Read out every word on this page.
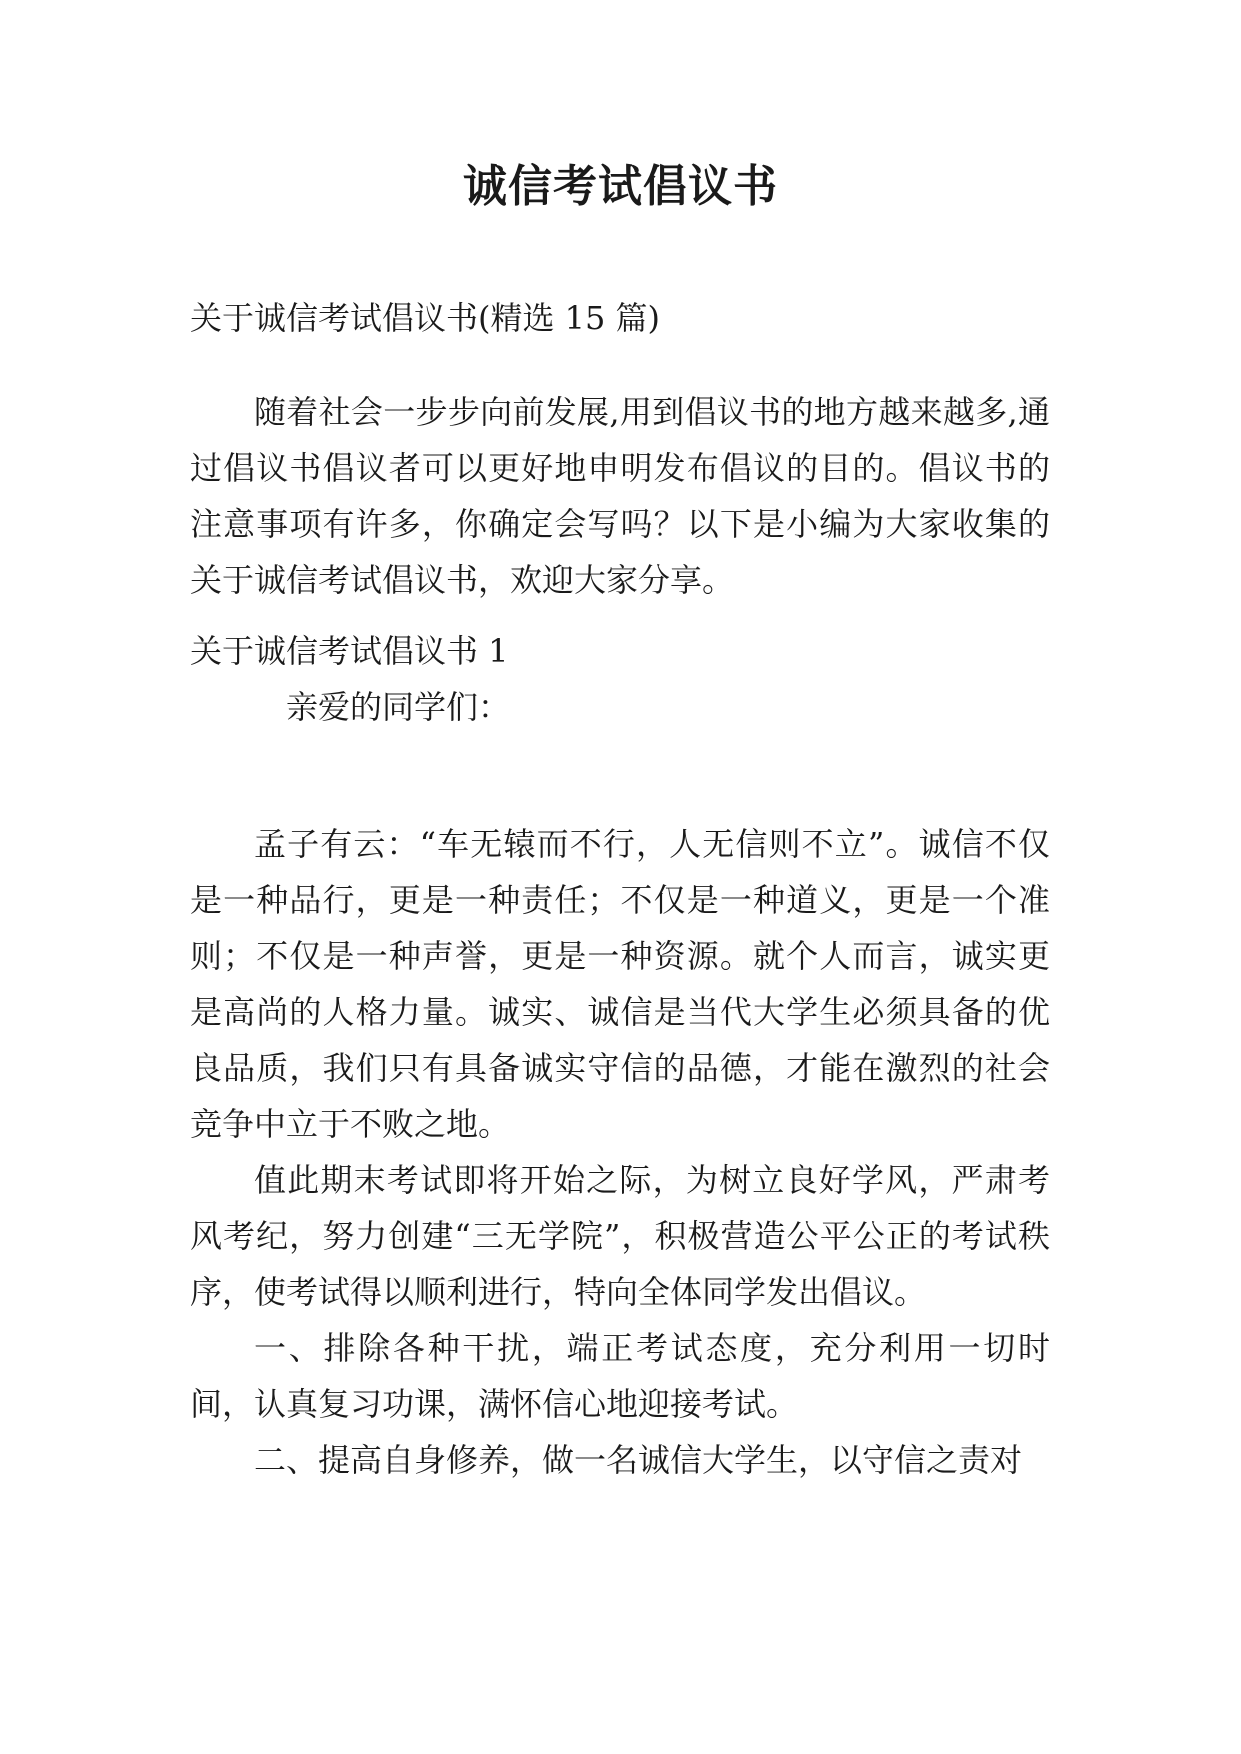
诚信考试倡议书
关于诚信考试倡议书(精选 15 篇)

随着社会一步步向前发展,用到倡议书的地方越来越多,通过倡议书倡议者可以更好地申明发布倡议的目的。倡议书的注意事项有许多，你确定会写吗？以下是小编为大家收集的关于诚信考试倡议书，欢迎大家分享。

关于诚信考试倡议书 1
亲爱的同学们：

孟子有云：“车无辕而不行，人无信则不立”。诚信不仅是一种品行，更是一种责任；不仅是一种道义，更是一个准则；不仅是一种声誉，更是一种资源。就个人而言，诚实更是高尚的人格力量。诚实、诚信是当代大学生必须具备的优良品质，我们只有具备诚实守信的品德，才能在激烈的社会竞争中立于不败之地。

值此期末考试即将开始之际，为树立良好学风，严肃考风考纪，努力创建“三无学院”，积极营造公平公正的考试秩序，使考试得以顺利进行，特向全体同学发出倡议。

一、排除各种干扰，端正考试态度，充分利用一切时间，认真复习功课，满怀信心地迎接考试。

二、提高自身修养，做一名诚信大学生，以守信之责对
